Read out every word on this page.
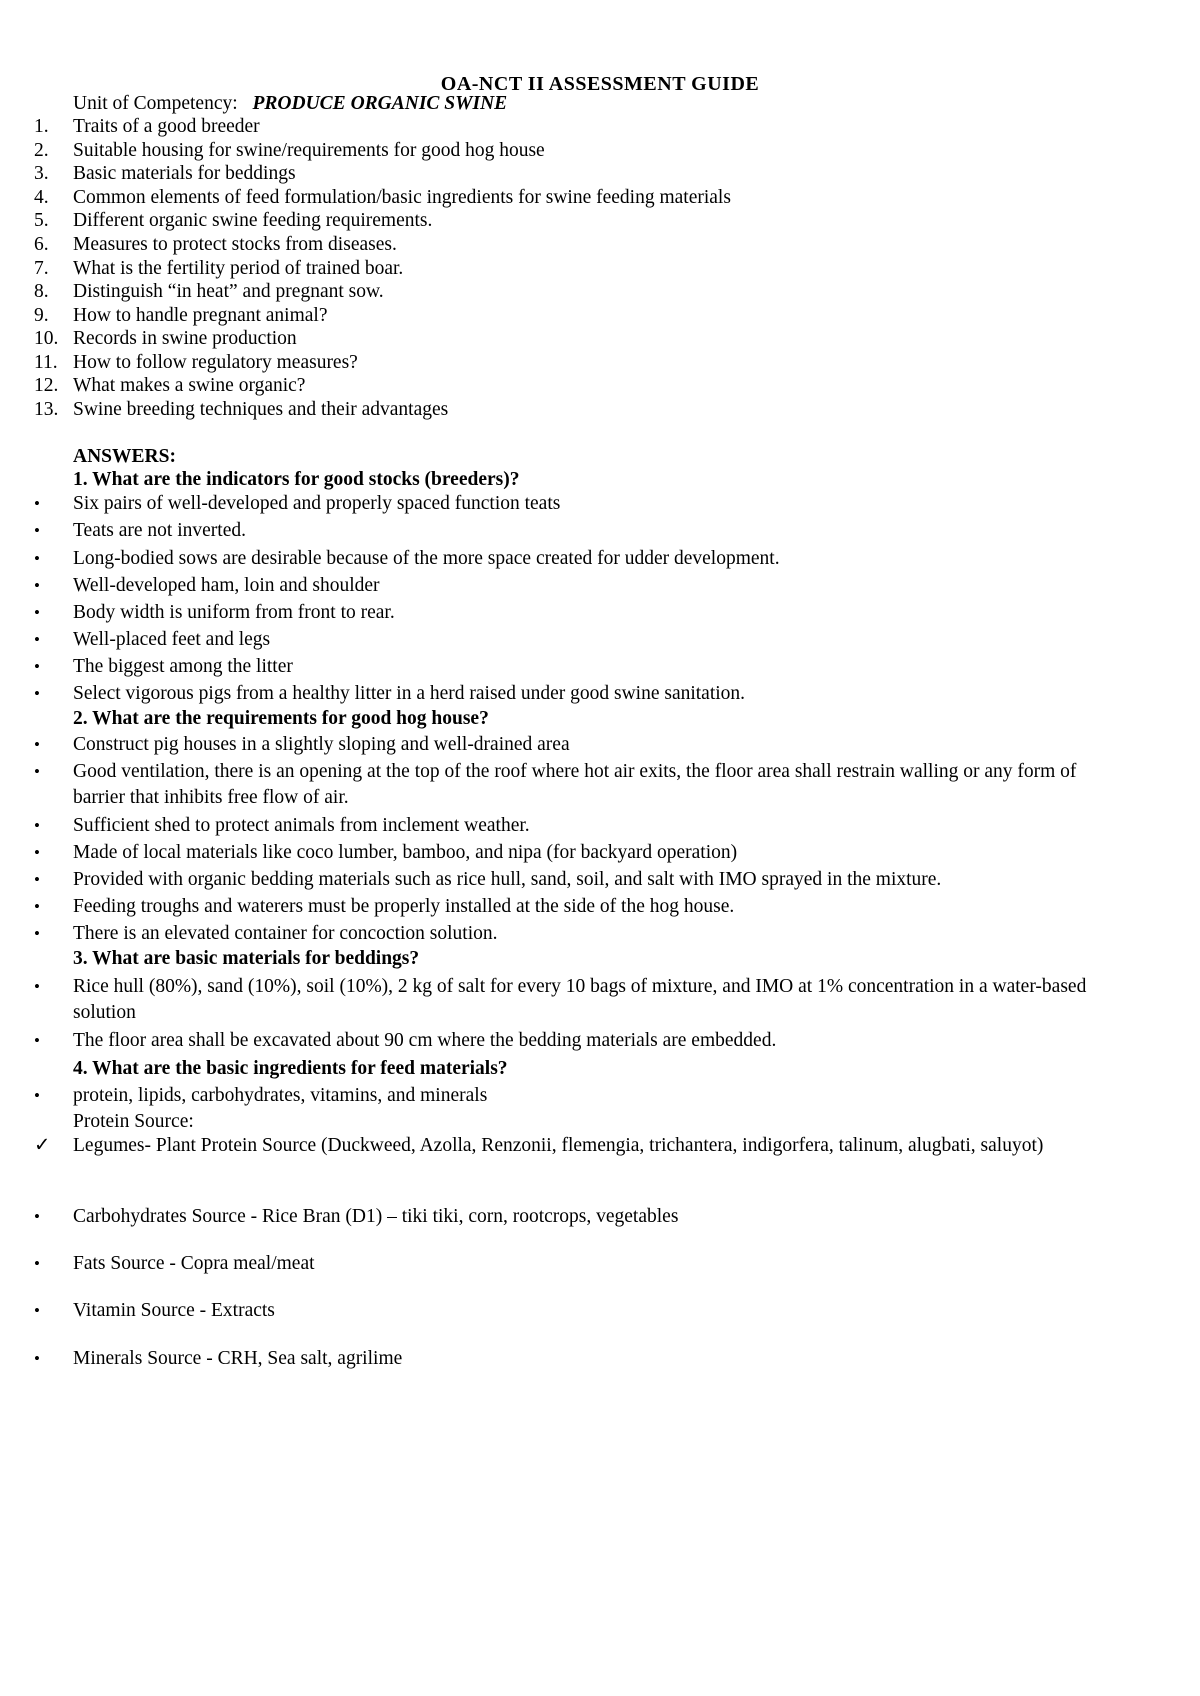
OA-NCT II ASSESSMENT GUIDE
Unit of Competency: PRODUCE ORGANIC SWINE
1.	Traits of a good breeder
2.	Suitable housing for swine/requirements for good hog house
3.	Basic materials for beddings
4.	Common elements of feed formulation/basic ingredients for swine feeding materials
5.	Different organic swine feeding requirements.
6.	Measures to protect stocks from diseases.
7.	What is the fertility period of trained boar.
8.	Distinguish “in heat” and pregnant sow.
9.	How to handle pregnant animal?
10. Records in swine production
11. How to follow regulatory measures?
12. What makes a swine organic?
13. Swine breeding techniques and their advantages
ANSWERS:
1. What are the indicators for good stocks (breeders)?
• Six pairs of well-developed and properly spaced function teats
• Teats are not inverted.
• Long-bodied sows are desirable because of the more space created for udder development.
• Well-developed ham, loin and shoulder
• Body width is uniform from front to rear.
• Well-placed feet and legs
• The biggest among the litter
• Select vigorous pigs from a healthy litter in a herd raised under good swine sanitation.
2. What are the requirements for good hog house?
• Construct pig houses in a slightly sloping and well-drained area
• Good ventilation, there is an opening at the top of the roof where hot air exits, the floor area shall restrain walling or any form of barrier that inhibits free flow of air.
• Sufficient shed to protect animals from inclement weather.
• Made of local materials like coco lumber, bamboo, and nipa (for backyard operation)
• Provided with organic bedding materials such as rice hull, sand, soil, and salt with IMO sprayed in the mixture.
• Feeding troughs and waterers must be properly installed at the side of the hog house.
• There is an elevated container for concoction solution.
3. What are basic materials for beddings?
• Rice hull (80%), sand (10%), soil (10%), 2 kg of salt for every 10 bags of mixture, and IMO at 1% concentration in a water-based solution
• The floor area shall be excavated about 90 cm where the bedding materials are embedded.
4. What are the basic ingredients for feed materials?
• protein, lipids, carbohydrates, vitamins, and minerals
Protein Source:
✓ Legumes- Plant Protein Source (Duckweed, Azolla, Renzonii, flemengia, trichantera, indigorfera, talinum, alugbati, saluyot)
• Carbohydrates Source - Rice Bran (D1) – tiki tiki, corn, rootcrops, vegetables
• Fats Source - Copra meal/meat
• Vitamin Source - Extracts
• Minerals Source - CRH, Sea salt, agrilime
